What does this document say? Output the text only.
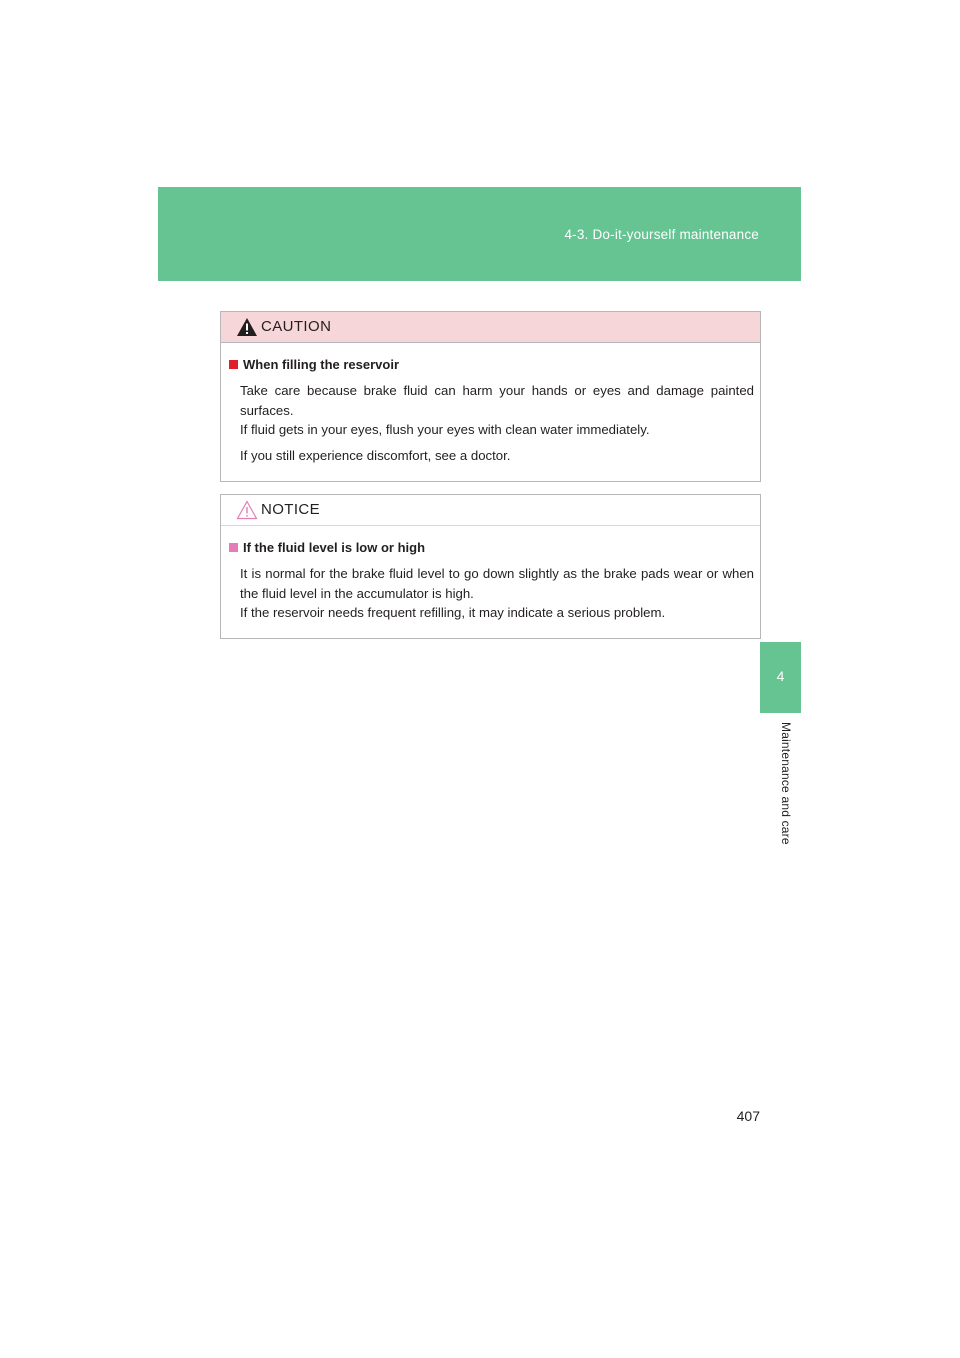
4-3. Do-it-yourself maintenance
4
Maintenance and care
CAUTION
When filling the reservoir
Take care because brake fluid can harm your hands or eyes and damage painted surfaces.
If fluid gets in your eyes, flush your eyes with clean water immediately.
If you still experience discomfort, see a doctor.
NOTICE
If the fluid level is low or high
It is normal for the brake fluid level to go down slightly as the brake pads wear or when the fluid level in the accumulator is high.
If the reservoir needs frequent refilling, it may indicate a serious problem.
407
